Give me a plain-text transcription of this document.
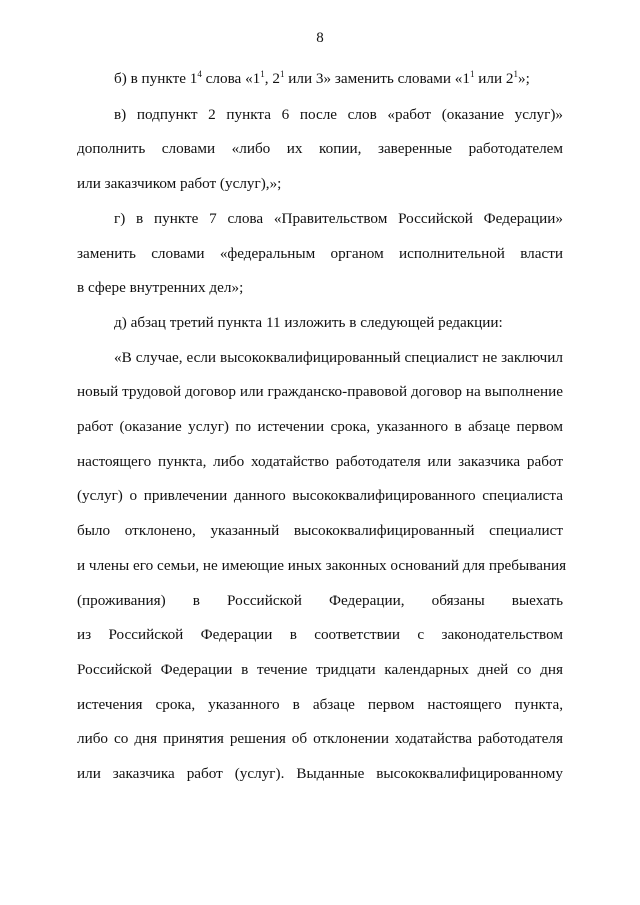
8

б) в пункте $1^4$ слова «$1^1$, $2^1$ или 3» заменить словами «$1^1$ или $2^1$»;

в) подпункт 2 пункта 6 после слов «работ (оказание услуг)»
дополнить словами «либо их копии, заверенные работодателем
или заказчиком работ (услуг),»;

г) в пункте 7 слова «Правительством Российской Федерации»
заменить словами «федеральным органом исполнительной власти
в сфере внутренних дел»;

д) абзац третий пункта 11 изложить в следующей редакции:

«В случае, если высококвалифицированный специалист не заключил
новый трудовой договор или гражданско-правовой договор на выполнение
работ (оказание услуг) по истечении срока, указанного в абзаце первом
настоящего пункта, либо ходатайство работодателя или заказчика работ
(услуг) о привлечении данного высококвалифицированного специалиста
было отклонено, указанный высококвалифицированный специалист
и члены его семьи, не имеющие иных законных оснований для пребывания
(проживания) в Российской Федерации, обязаны выехать
из Российской Федерации в соответствии с законодательством
Российской Федерации в течение тридцати календарных дней со дня
истечения срока, указанного в абзаце первом настоящего пункта,
либо со дня принятия решения об отклонении ходатайства работодателя
или заказчика работ (услуг). Выданные высококвалифицированному
